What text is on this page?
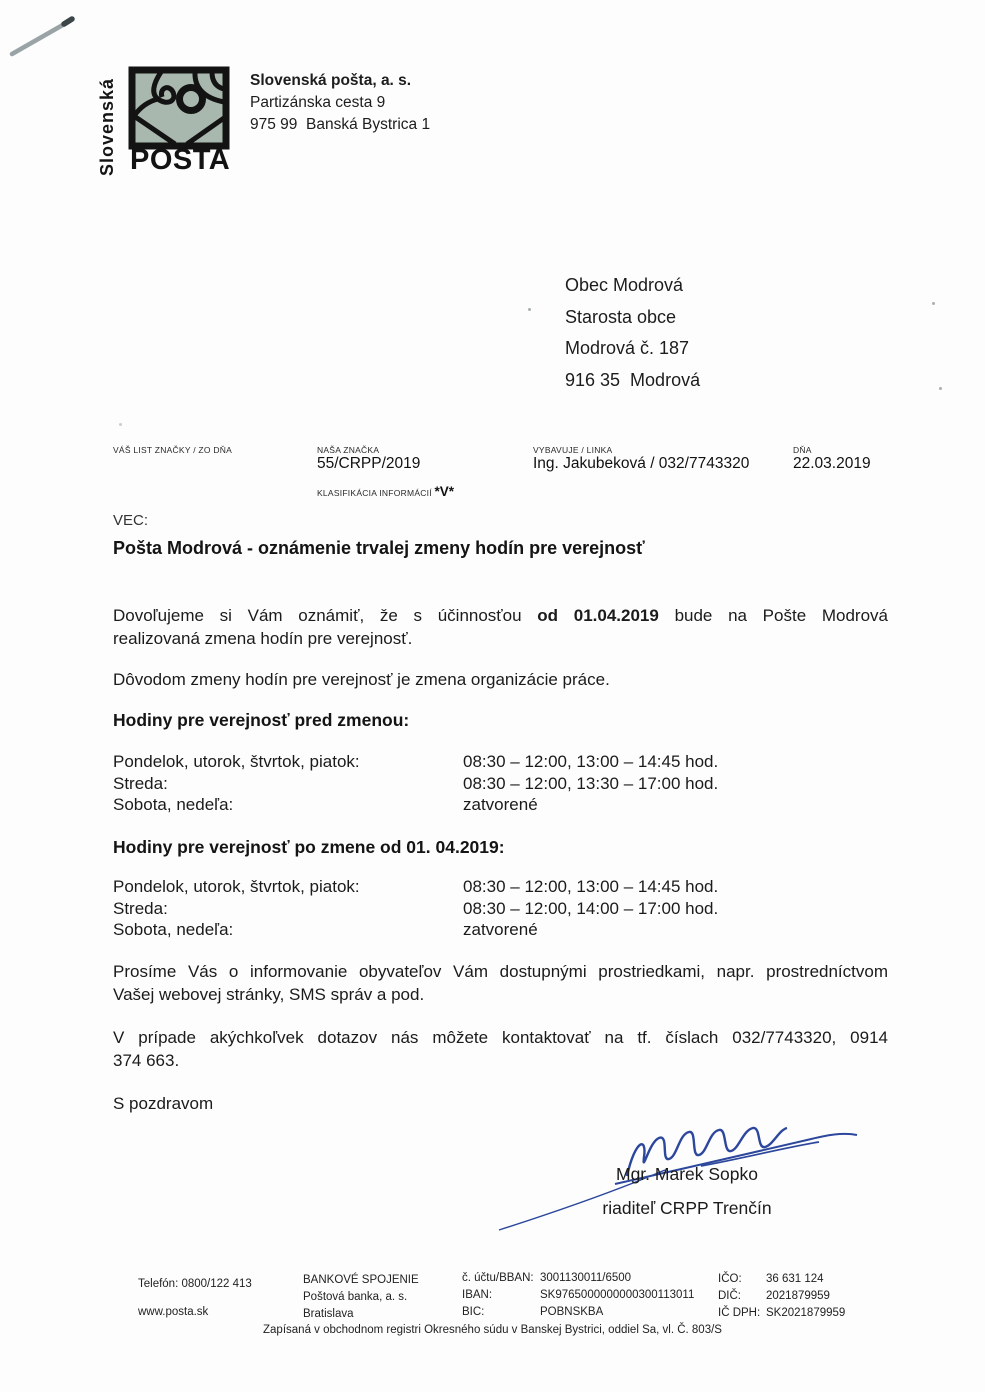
Slovenská POŠTA
Slovenská pošta, a. s.
Partizánska cesta 9
975 99  Banská Bystrica 1
Obec Modrová
Starosta obce
Modrová č. 187
916 35  Modrová
VÁŠ LIST ZNAČKY / ZO DŇA	NAŠA ZNAČKA
55/CRPP/2019
KLASIFIKÁCIA INFORMÁCIÍ *V*
VYBAVUJE / LINKA
Ing. Jakubeková / 032/7743320
DŇA
22.03.2019
VEC:
Pošta Modrová - oznámenie trvalej zmeny hodín pre verejnosť
Dovoľujeme si Vám oznámiť, že s účinnosťou od 01.04.2019 bude na Pošte Modrová
realizovaná zmena hodín pre verejnosť.
Dôvodom zmeny hodín pre verejnosť je zmena organizácie práce.
Hodiny pre verejnosť pred zmenou:
Pondelok, utorok, štvrtok, piatok:	08:30 – 12:00, 13:00 – 14:45 hod.
Streda:	08:30 – 12:00, 13:30 – 17:00 hod.
Sobota, nedeľa:	zatvorené
Hodiny pre verejnosť po zmene od 01. 04.2019:
Pondelok, utorok, štvrtok, piatok:	08:30 – 12:00, 13:00 – 14:45 hod.
Streda:	08:30 – 12:00, 14:00 – 17:00 hod.
Sobota, nedeľa:	zatvorené
Prosíme Vás o informovanie obyvateľov Vám dostupnými prostriedkami, napr. prostredníctvom
Vašej webovej stránky, SMS správ a pod.
V prípade akýchkoľvek dotazov nás môžete kontaktovať na tf. číslach 032/7743320, 0914
374 663.
S pozdravom
Mgr. Marek Sopko
riaditeľ CRPP Trenčín
Telefón: 0800/122 413
www.posta.sk
BANKOVÉ SPOJENIE
Poštová banka, a. s.
Bratislava
č. účtu/BBAN: 3001130011/6500
IBAN:	SK9765000000000300113011
BIC:	POBNSKBA
IČO:	36 631 124
DIČ:	2021879959
IČ DPH: SK2021879959
Zapísaná v obchodnom registri Okresného súdu v Banskej Bystrici, oddiel Sa, vl. Č. 803/S
